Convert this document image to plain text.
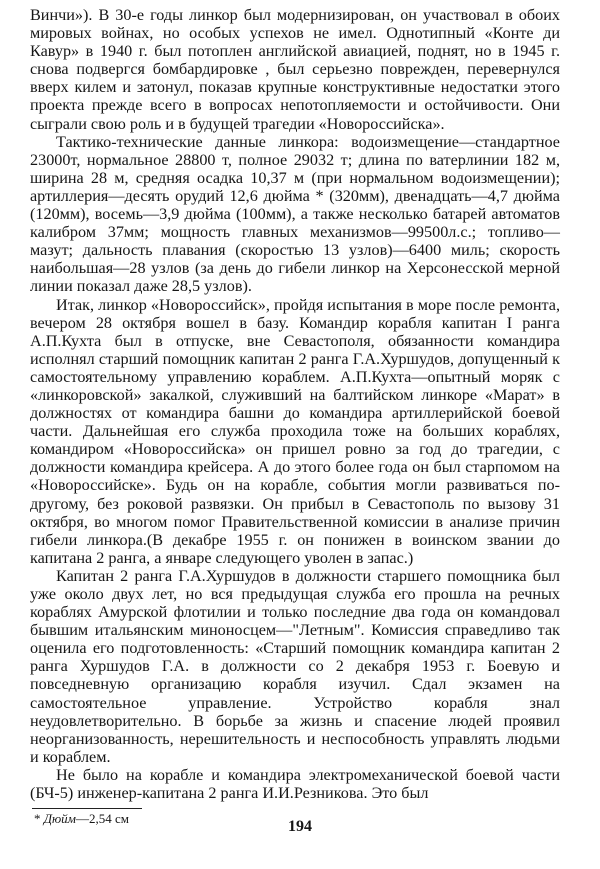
Винчи»). В 30-е годы линкор был модернизирован, он участвовал в обоих мировых войнах, но особых успехов не имел. Однотипный «Конте ди Кавур» в 1940 г. был потоплен английской авиацией, поднят, но в 1945 г. снова подвергся бомбардировке , был серьезно поврежден, перевернулся вверх килем и затонул, показав крупные конструктивные недостатки этого проекта прежде всего в вопросах непотопляемости и остойчивости. Они сыграли свою роль и в будущей трагедии «Новороссийска».

Тактико-технические данные линкора: водоизмещение—стандартное 23000т, нормальное 28800 т, полное 29032 т; длина по ватерлинии 182 м, ширина 28 м, средняя осадка 10,37 м (при нормальном водоизмещении); артиллерия—десять орудий 12,6 дюйма * (320мм), двенадцать—4,7 дюйма (120мм), восемь—3,9 дюйма (100мм), а также несколько батарей автоматов калибром 37мм; мощность главных механизмов—99500л.с.; топливо—мазут; дальность плавания (скоростью 13 узлов)—6400 миль; скорость наибольшая—28 узлов (за день до гибели линкор на Херсонесской мерной линии показал даже 28,5 узлов).

Итак, линкор «Новороссийск», пройдя испытания в море после ремонта, вечером 28 октября вошел в базу. Командир корабля капитан I ранга А.П.Кухта был в отпуске, вне Севастополя, обязанности командира исполнял старший помощник капитан 2 ранга Г.А.Хуршудов, допущенный к самостоятельному управлению кораблем. А.П.Кухта—опытный моряк с «линкоровской» закалкой, служивший на балтийском линкоре «Марат» в должностях от командира башни до командира артиллерийской боевой части. Дальнейшая его служба проходила тоже на больших кораблях, командиром «Новороссийска» он пришел ровно за год до трагедии, с должности командира крейсера. А до этого более года он был старпомом на «Новороссийске». Будь он на корабле, события могли развиваться по-другому, без роковой развязки. Он прибыл в Севастополь по вызову 31 октября, во многом помог Правительственной комиссии в анализе причин гибели линкора.(В декабре 1955 г. он понижен в воинском звании до капитана 2 ранга, а январе следующего уволен в запас.)

Капитан 2 ранга Г.А.Хуршудов в должности старшего помощника был уже около двух лет, но вся предыдущая служба его прошла на речных кораблях Амурской флотилии и только последние два года он командовал бывшим итальянским миноносцем—"Летным". Комиссия справедливо так оценила его подготовленность: «Старший помощник командира капитан 2 ранга Хуршудов Г.А. в должности со 2 декабря 1953 г. Боевую и повседневную организацию корабля изучил. Сдал экзамен на самостоятельное управление. Устройство корабля знал неудовлетворительно. В борьбе за жизнь и спасение людей проявил неорганизованность, нерешительность и неспособность управлять людьми и кораблем.

Не было на корабле и командира электромеханической боевой части (БЧ-5) инженер-капитана 2 ранга И.И.Резникова. Это был

* Дюйм—2,54 см	194
